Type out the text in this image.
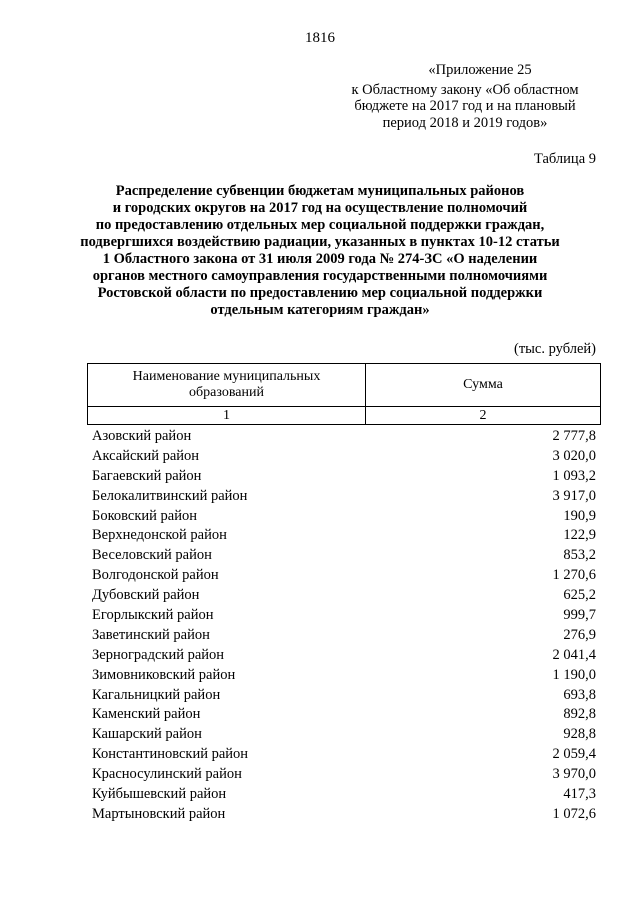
1816
«Приложение 25
к Областному закону «Об областном
бюджете на 2017 год и на плановый
период 2018 и 2019 годов»
Таблица 9
Распределение субвенции бюджетам муниципальных районов
и городских округов на 2017 год на осуществление полномочий
по предоставлению отдельных мер социальной поддержки граждан,
подвергшихся воздействию радиации, указанных в пунктах 10-12 статьи
1 Областного закона от 31 июля 2009 года № 274-ЗС «О наделении
органов местного самоуправления государственными полномочиями
Ростовской области по предоставлению мер социальной поддержки
отдельным категориям граждан»
(тыс. рублей)
Наименование муниципальных
образований	Сумма
1	2
Азовский район	2 777,8
Аксайский район	3 020,0
Багаевский район	1 093,2
Белокалитвинский район	3 917,0
Боковский район	190,9
Верхнедонской район	122,9
Веселовский район	853,2
Волгодонской район	1 270,6
Дубовский район	625,2
Егорлыкский район	999,7
Заветинский район	276,9
Зерноградский район	2 041,4
Зимовниковский район	1 190,0
Кагальницкий район	693,8
Каменский район	892,8
Кашарский район	928,8
Константиновский район	2 059,4
Красносулинский район	3 970,0
Куйбышевский район	417,3
Мартыновский район	1 072,6
